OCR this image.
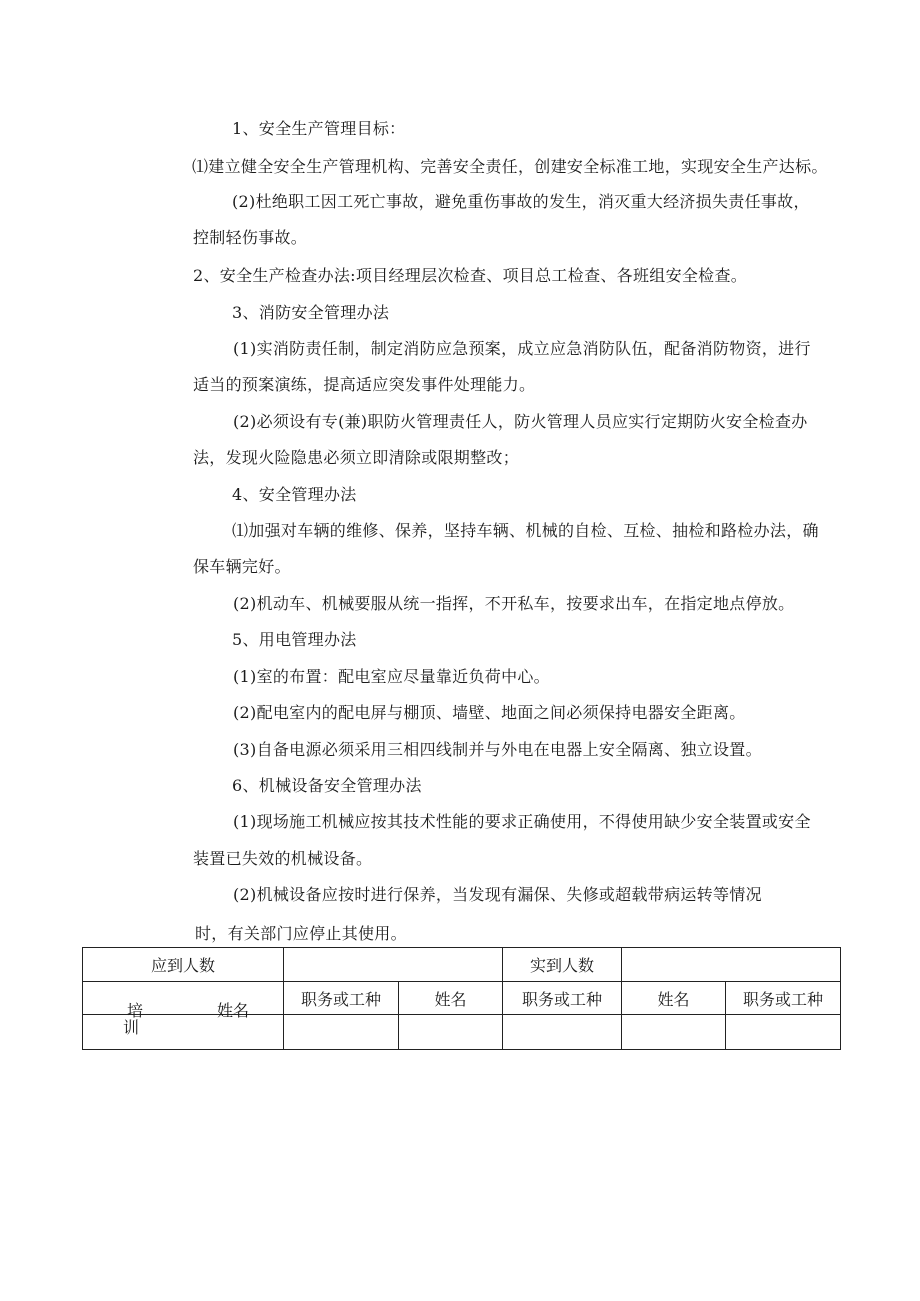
1、安全生产管理目标：
⑴建立健全安全生产管理机构、完善安全责任，创建安全标准工地，实现安全生产达标。
(2)杜绝职工因工死亡事故，避免重伤事故的发生，消灭重大经济损失责任事故，
控制轻伤事故。
2、安全生产检查办法:项目经理层次检查、项目总工检查、各班组安全检查。
3、消防安全管理办法
(1)实消防责任制，制定消防应急预案，成立应急消防队伍，配备消防物资，进行
适当的预案演练，提高适应突发事件处理能力。
(2)必须设有专(兼)职防火管理责任人，防火管理人员应实行定期防火安全检查办
法，发现火险隐患必须立即清除或限期整改；
4、安全管理办法
⑴加强对车辆的维修、保养，坚持车辆、机械的自检、互检、抽检和路检办法，确
保车辆完好。
(2)机动车、机械要服从统一指挥，不开私车，按要求出车，在指定地点停放。
5、用电管理办法
(1)室的布置：配电室应尽量靠近负荷中心。
(2)配电室内的配电屏与棚顶、墙壁、地面之间必须保持电器安全距离。
(3)自备电源必须采用三相四线制并与外电在电器上安全隔离、独立设置。
6、机械设备安全管理办法
(1)现场施工机械应按其技术性能的要求正确使用，不得使用缺少安全装置或安全
装置已失效的机械设备。
(2)机械设备应按时进行保养，当发现有漏保、失修或超载带病运转等情况
时，有关部门应停止其使用。
应到人数			实到人数		

培 姓名	职务或工种	姓名	职务或工种	姓名	职务或工种
训					
